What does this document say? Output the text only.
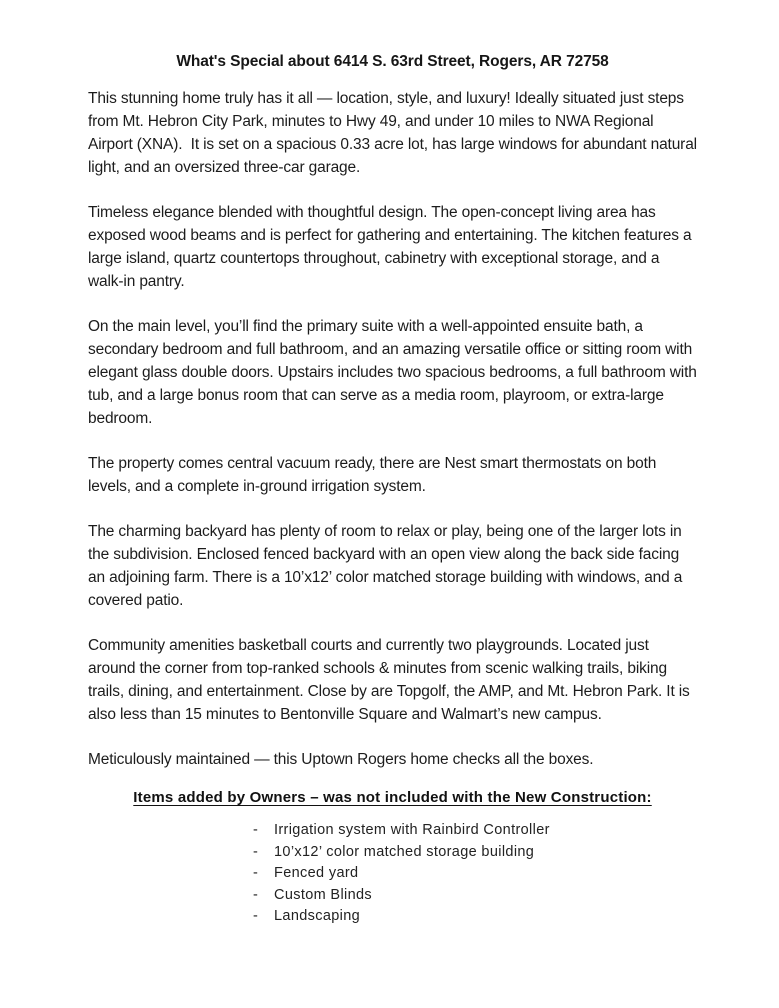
What's Special about 6414 S. 63rd Street, Rogers, AR 72758

This stunning home truly has it all — location, style, and luxury! Ideally situated just steps from Mt. Hebron City Park, minutes to Hwy 49, and under 10 miles to NWA Regional Airport (XNA).  It is set on a spacious 0.33 acre lot, has large windows for abundant natural light, and an oversized three-car garage.

Timeless elegance blended with thoughtful design. The open-concept living area has exposed wood beams and is perfect for gathering and entertaining. The kitchen features a large island, quartz countertops throughout, cabinetry with exceptional storage, and a walk-in pantry.

On the main level, you’ll find the primary suite with a well-appointed ensuite bath, a secondary bedroom and full bathroom, and an amazing versatile office or sitting room with elegant glass double doors. Upstairs includes two spacious bedrooms, a full bathroom with tub, and a large bonus room that can serve as a media room, playroom, or extra-large bedroom.

The property comes central vacuum ready, there are Nest smart thermostats on both levels, and a complete in-ground irrigation system.

The charming backyard has plenty of room to relax or play, being one of the larger lots in the subdivision. Enclosed fenced backyard with an open view along the back side facing an adjoining farm. There is a 10’x12’ color matched storage building with windows, and a covered patio.

Community amenities basketball courts and currently two playgrounds. Located just around the corner from top-ranked schools & minutes from scenic walking trails, biking trails, dining, and entertainment. Close by are Topgolf, the AMP, and Mt. Hebron Park. It is also less than 15 minutes to Bentonville Square and Walmart’s new campus.

Meticulously maintained — this Uptown Rogers home checks all the boxes.

Items added by Owners – was not included with the New Construction:
-	Irrigation system with Rainbird Controller
-	10’x12’ color matched storage building
-	Fenced yard
-	Custom Blinds
-	Landscaping
